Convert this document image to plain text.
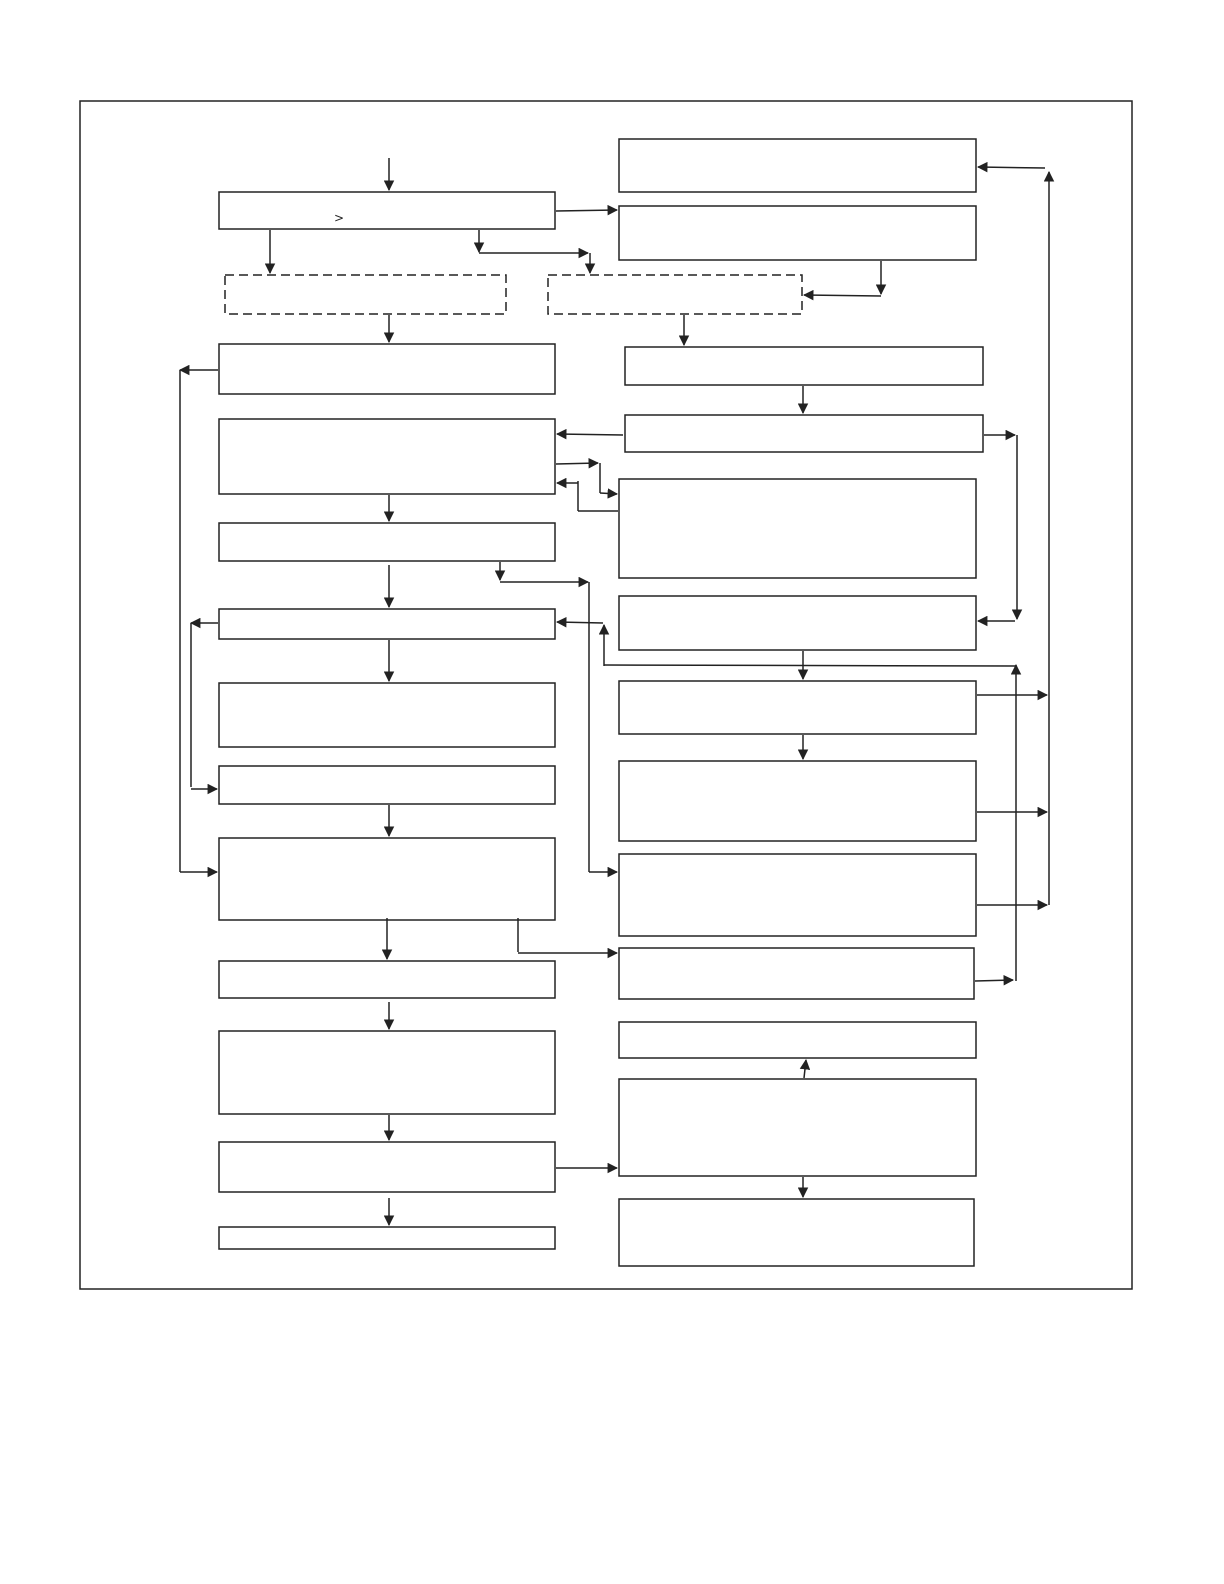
>
